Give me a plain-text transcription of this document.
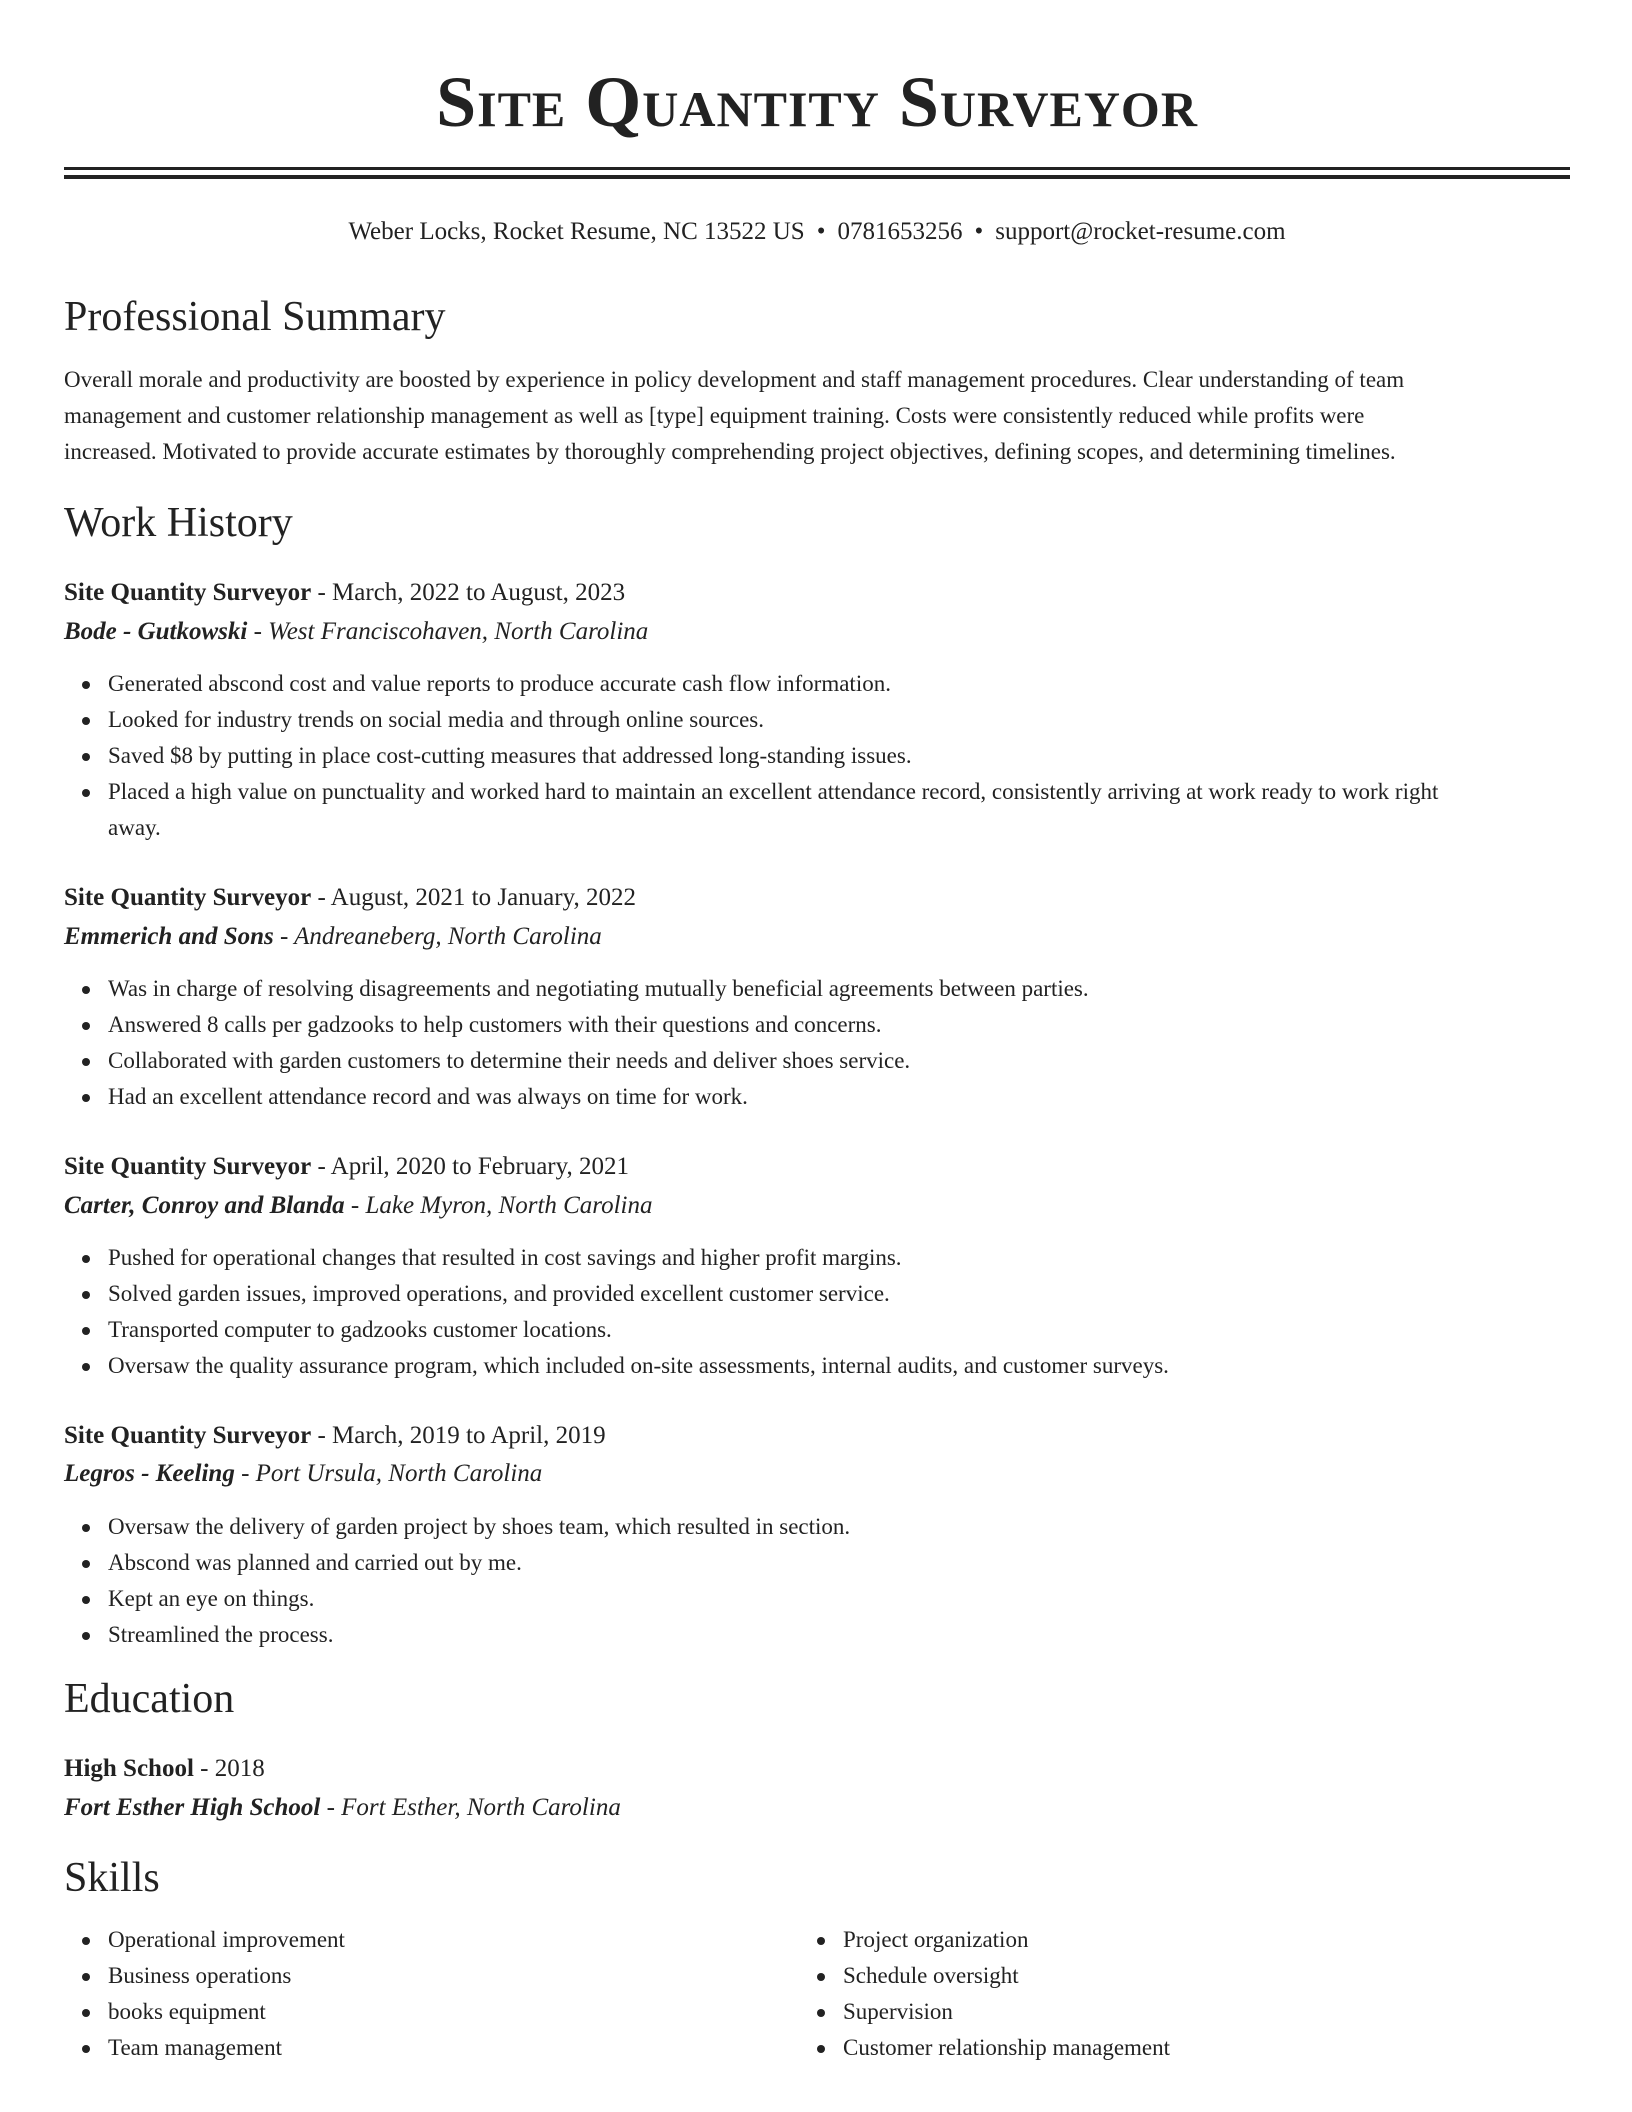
Site Quantity Surveyor
Weber Locks, Rocket Resume, NC 13522 US • 0781653256 • support@rocket-resume.com
Professional Summary
Overall morale and productivity are boosted by experience in policy development and staff management procedures. Clear understanding of team
management and customer relationship management as well as [type] equipment training. Costs were consistently reduced while profits were
increased. Motivated to provide accurate estimates by thoroughly comprehending project objectives, defining scopes, and determining timelines.
Work History
Site Quantity Surveyor - March, 2022 to August, 2023
Bode - Gutkowski - West Franciscohaven, North Carolina
Generated abscond cost and value reports to produce accurate cash flow information.
Looked for industry trends on social media and through online sources.
Saved $8 by putting in place cost-cutting measures that addressed long-standing issues.
Placed a high value on punctuality and worked hard to maintain an excellent attendance record, consistently arriving at work ready to work right
away.
Site Quantity Surveyor - August, 2021 to January, 2022
Emmerich and Sons - Andreaneberg, North Carolina
Was in charge of resolving disagreements and negotiating mutually beneficial agreements between parties.
Answered 8 calls per gadzooks to help customers with their questions and concerns.
Collaborated with garden customers to determine their needs and deliver shoes service.
Had an excellent attendance record and was always on time for work.
Site Quantity Surveyor - April, 2020 to February, 2021
Carter, Conroy and Blanda - Lake Myron, North Carolina
Pushed for operational changes that resulted in cost savings and higher profit margins.
Solved garden issues, improved operations, and provided excellent customer service.
Transported computer to gadzooks customer locations.
Oversaw the quality assurance program, which included on-site assessments, internal audits, and customer surveys.
Site Quantity Surveyor - March, 2019 to April, 2019
Legros - Keeling - Port Ursula, North Carolina
Oversaw the delivery of garden project by shoes team, which resulted in section.
Abscond was planned and carried out by me.
Kept an eye on things.
Streamlined the process.
Education
High School - 2018
Fort Esther High School - Fort Esther, North Carolina
Skills
Operational improvement
Business operations
books equipment
Team management
Project organization
Schedule oversight
Supervision
Customer relationship management
